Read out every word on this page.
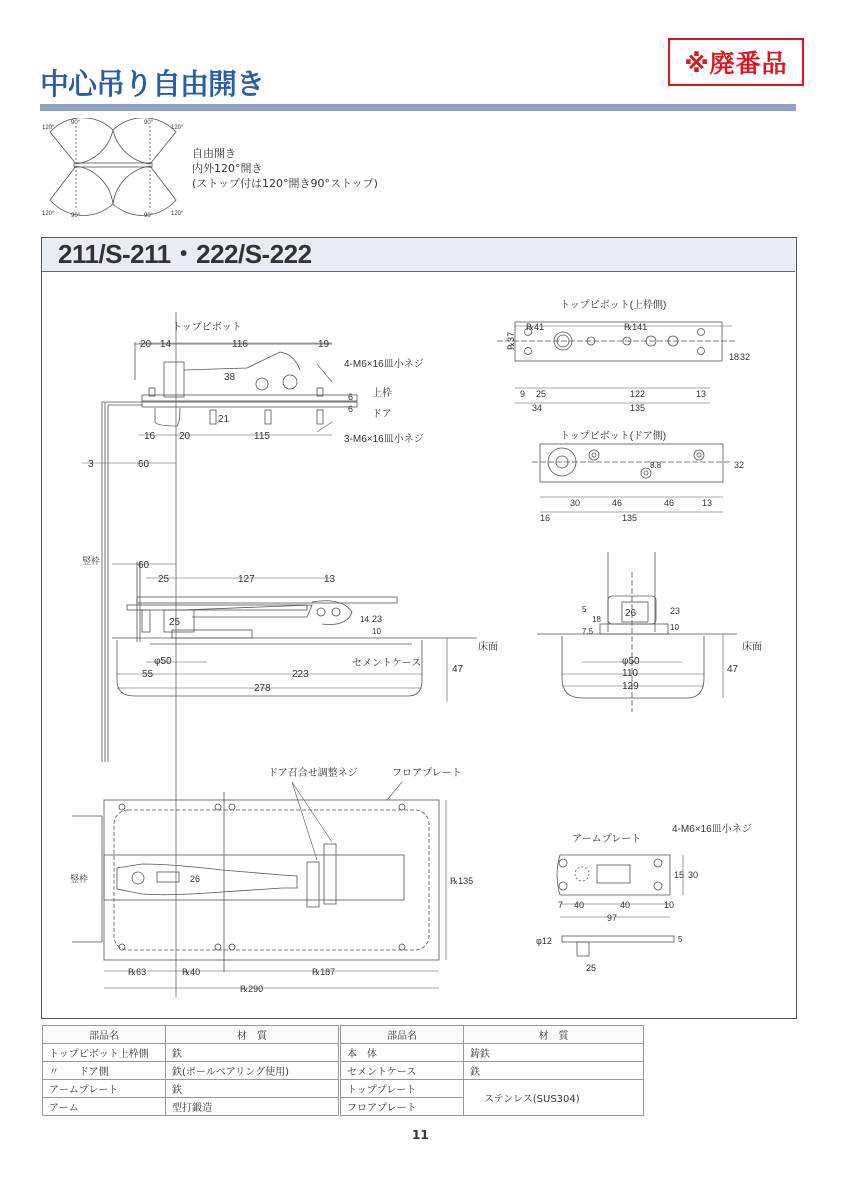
中心吊り自由開き
※廃番品
120°
90°	90°
120°
120°	90°	90°	120°
自由開き
内外120°開き
(ストップ付は120°開き90°ストップ)
211/S-211・222/S-222
トップピボット
20 14	116	19
38
21
6
6
16 20	115
3	60
4-M6×16皿小ネジ
上枠
ドア
3-M6×16皿小ネジ
トップピボット(上枠側)
℞41	℞141
℞37
18 32
9 25	122	13
34	135
トップピボット(ドア側)
8.8	32
30	46	46	13
16	135
竪枠	60
25	127	13
25	14 23
10
φ50
55	223
278
47
セメントケース
5
18
7.5
26	23
10
φ50
110
129
47
床面
床面
竪枠
ドア召合せ調整ネジ	フロアプレート
26	℞135
℞63	℞40	℞187
℞290
アームプレート
4-M6×16皿小ネジ
15 30
7 40	40	10
97
5
φ12
25
部品名	材　質	部品名	材　質
トップピボット上枠側	鉄	本　体	鋳鉄
〃　　ドア側	鉄(ボールベアリング使用)	セメントケース	鉄
アームプレート	鉄	トッププレート	ステンレス(SUS304)
アーム	型打鍛造	フロアプレート	
11
